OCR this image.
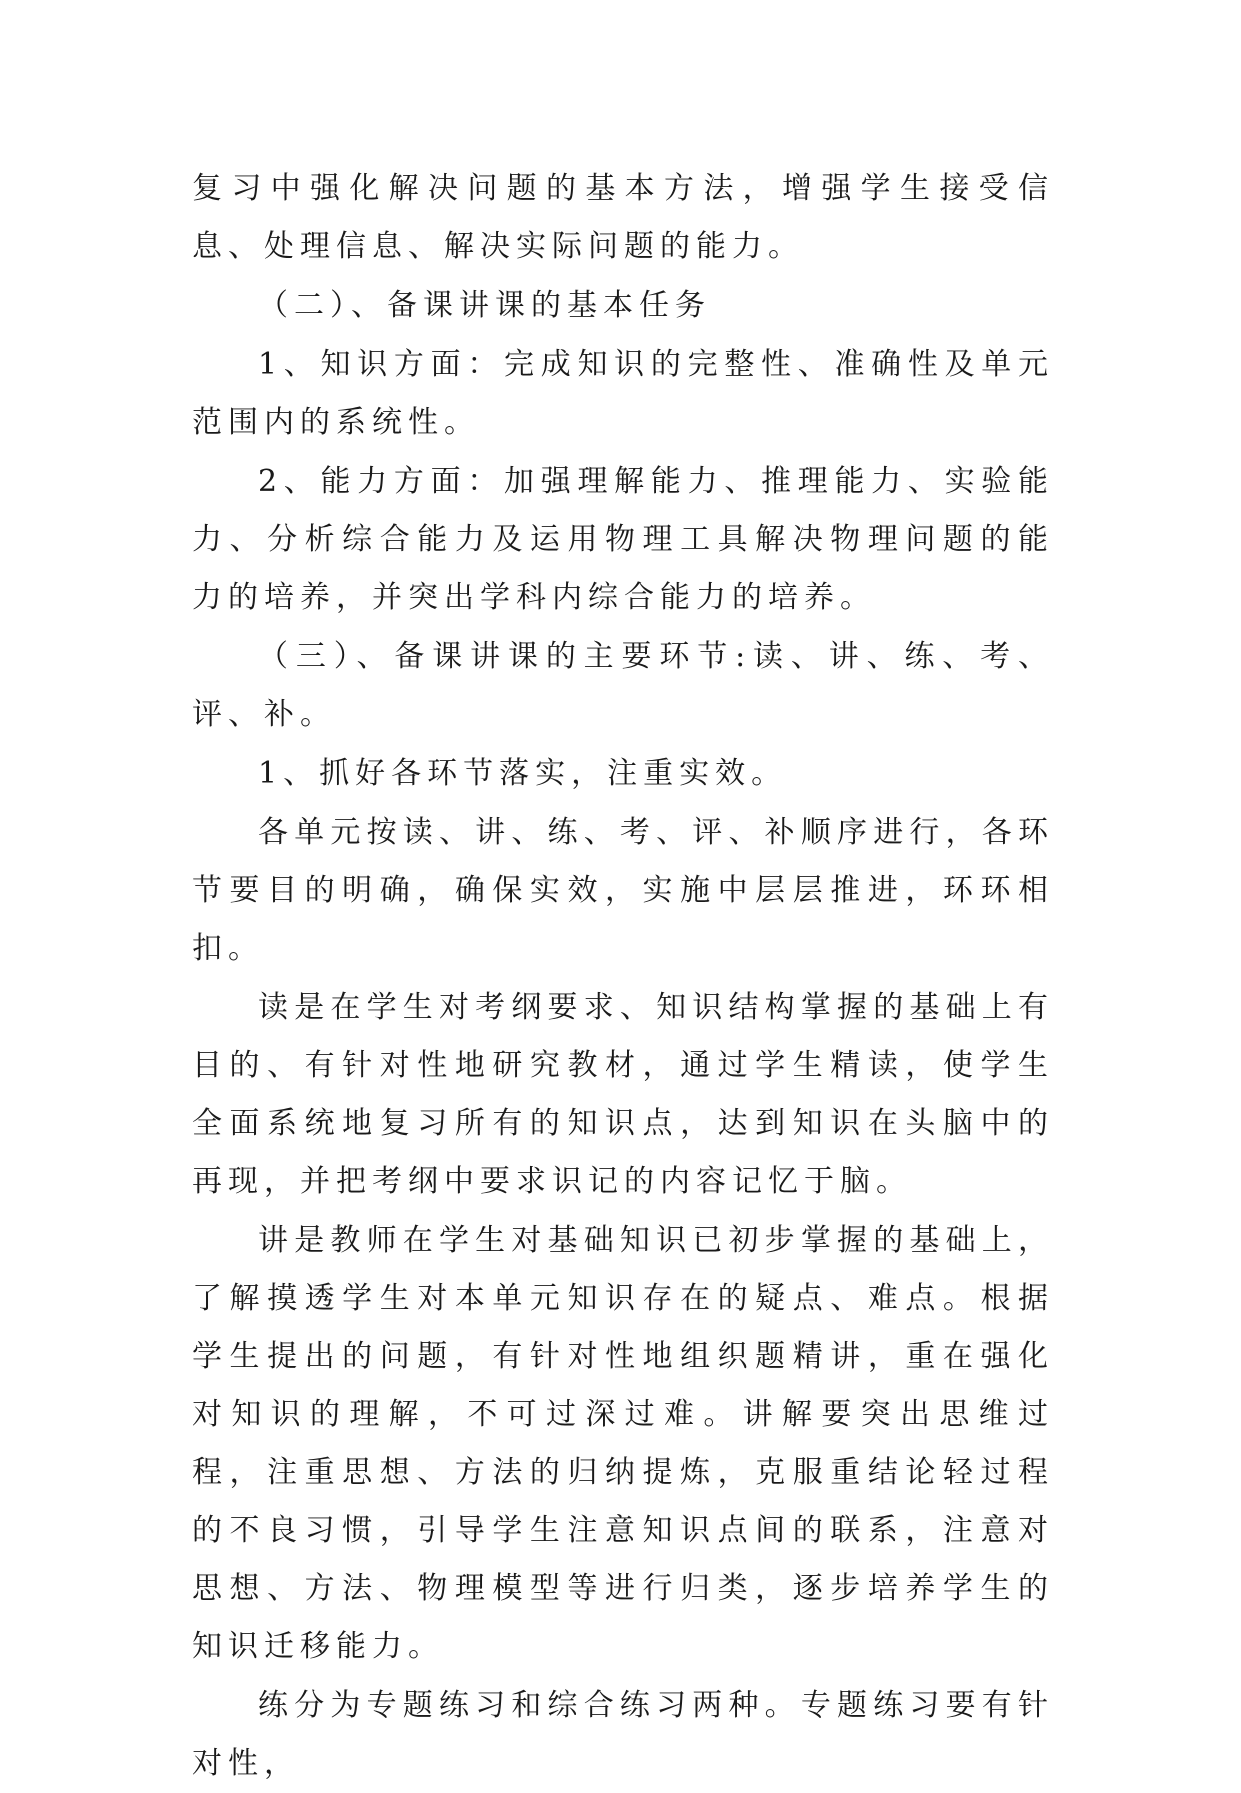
复习中强化解决问题的基本方法，增强学生接受信息、处理信息、解决实际问题的能力。

（二）、备课讲课的基本任务

1、知识方面：完成知识的完整性、准确性及单元范围内的系统性。

2、能力方面：加强理解能力、推理能力、实验能力、分析综合能力及运用物理工具解决物理问题的能力的培养，并突出学科内综合能力的培养。

（三）、备课讲课的主要环节:读、讲、练、考、评、补。

1、抓好各环节落实，注重实效。

各单元按读、讲、练、考、评、补顺序进行，各环节要目的明确，确保实效，实施中层层推进，环环相扣。

读是在学生对考纲要求、知识结构掌握的基础上有目的、有针对性地研究教材，通过学生精读，使学生全面系统地复习所有的知识点，达到知识在头脑中的再现，并把考纲中要求识记的内容记忆于脑。

讲是教师在学生对基础知识已初步掌握的基础上，了解摸透学生对本单元知识存在的疑点、难点。根据学生提出的问题，有针对性地组织题精讲，重在强化对知识的理解，不可过深过难。讲解要突出思维过程，注重思想、方法的归纳提炼，克服重结论轻过程的不良习惯，引导学生注意知识点间的联系，注意对思想、方法、物理模型等进行归类，逐步培养学生的知识迁移能力。

练分为专题练习和综合练习两种。专题练习要有针对性，
